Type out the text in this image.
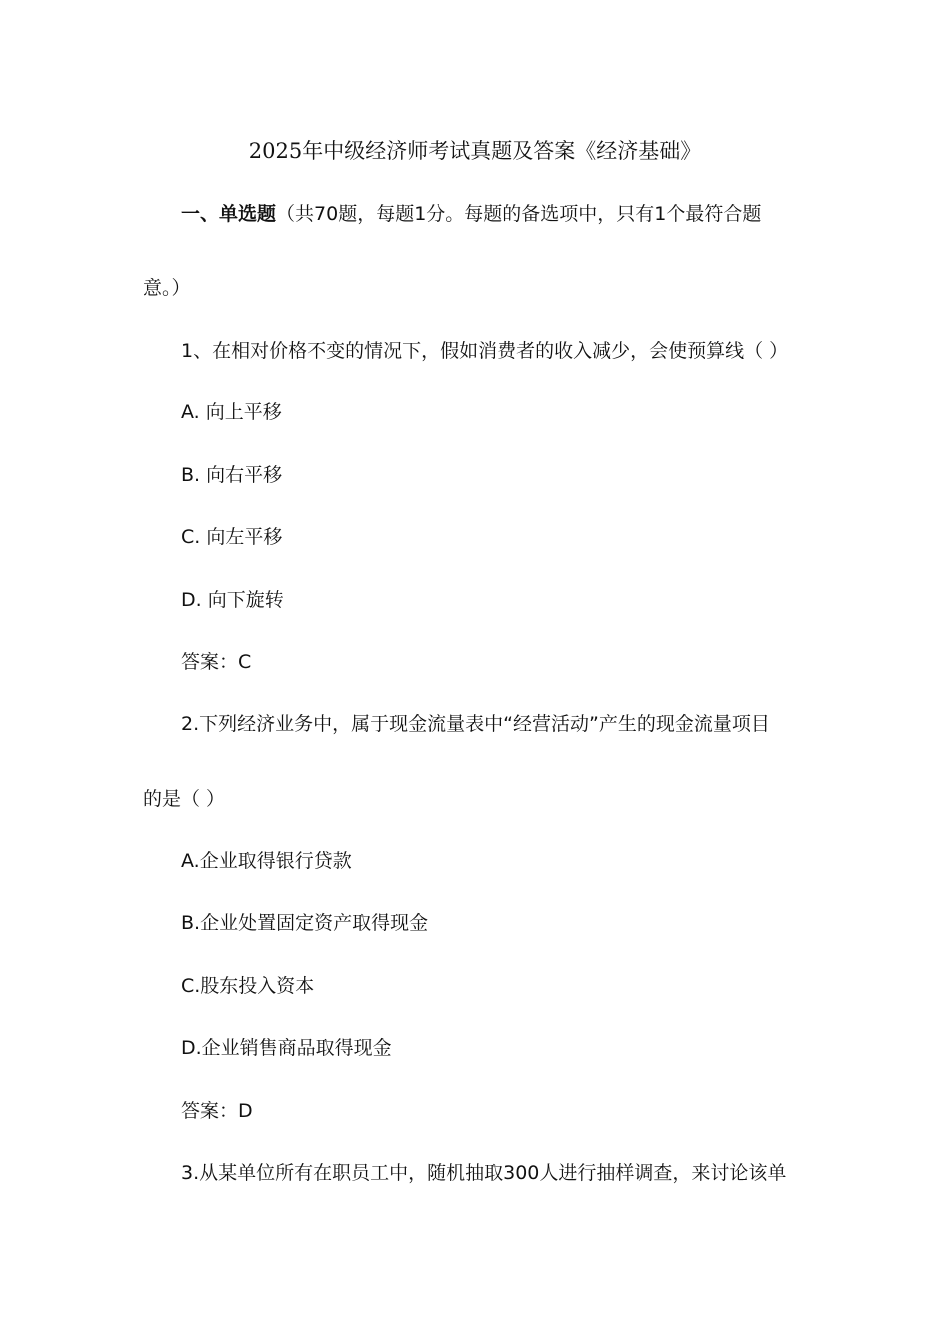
2025年中级经济师考试真题及答案《经济基础》
一、单选题（共70题，每题1分。每题的备选项中，只有1个最符合题
意。）
1、在相对价格不变的情况下，假如消费者的收入减少，会使预算线（ ）
A. 向上平移
B. 向右平移
C. 向左平移
D. 向下旋转
答案：C
2.下列经济业务中，属于现金流量表中“经营活动”产生的现金流量项目
的是（ ）
A.企业取得银行贷款
B.企业处置固定资产取得现金
C.股东投入资本
D.企业销售商品取得现金
答案：D
3.从某单位所有在职员工中，随机抽取300人进行抽样调查，来讨论该单
